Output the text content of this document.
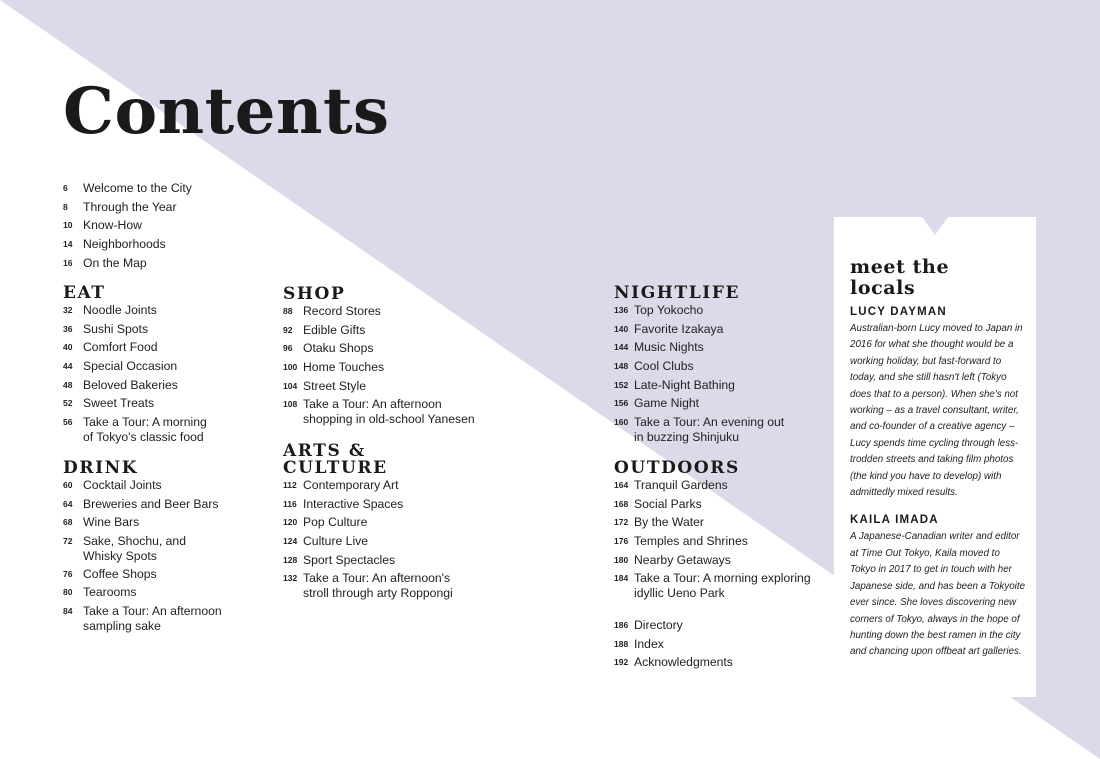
Contents
6	Welcome to the City
8	Through the Year
10 Know-How
14 Neighborhoods
16 On the Map
EAT
32 Noodle Joints
36 Sushi Spots
40 Comfort Food
44 Special Occasion
48 Beloved Bakeries
52 Sweet Treats
56 Take a Tour: A morning
of Tokyo's classic food
DRINK
60 Cocktail Joints
64 Breweries and Beer Bars
68 Wine Bars
72 Sake, Shochu, and
Whisky Spots
76 Coffee Shops
80 Tearooms
84 Take a Tour: An afternoon
sampling sake
SHOP
88 Record Stores
92 Edible Gifts
96 Otaku Shops
100 Home Touches
104 Street Style
108 Take a Tour: An afternoon
shopping in old-school Yanesen
ARTS &
CULTURE
112 Contemporary Art
116 Interactive Spaces
120 Pop Culture
124 Culture Live
128 Sport Spectacles
132 Take a Tour: An afternoon's
stroll through arty Roppongi
NIGHTLIFE
136 Top Yokocho
140 Favorite Izakaya
144 Music Nights
148 Cool Clubs
152 Late-Night Bathing
156 Game Night
160 Take a Tour: An evening out
in buzzing Shinjuku
OUTDOORS
164 Tranquil Gardens
168 Social Parks
172 By the Water
176 Temples and Shrines
180 Nearby Getaways
184 Take a Tour: A morning exploring
idyllic Ueno Park
186 Directory
188 Index
192 Acknowledgments
meet the locals

LUCY DAYMAN

Australian-born Lucy moved to Japan in 2016 for what she thought would be a working holiday, but fast-forward to today, and she still hasn't left (Tokyo does that to a person). When she's not working – as a travel consultant, writer, and co-founder of a creative agency – Lucy spends time cycling through less-trodden streets and taking film photos (the kind you have to develop) with admittedly mixed results.

KAILA IMADA

A Japanese-Canadian writer and editor at Time Out Tokyo, Kaila moved to Tokyo in 2017 to get in touch with her Japanese side, and has been a Tokyoite ever since. She loves discovering new corners of Tokyo, always in the hope of hunting down the best ramen in the city and chancing upon offbeat art galleries.
